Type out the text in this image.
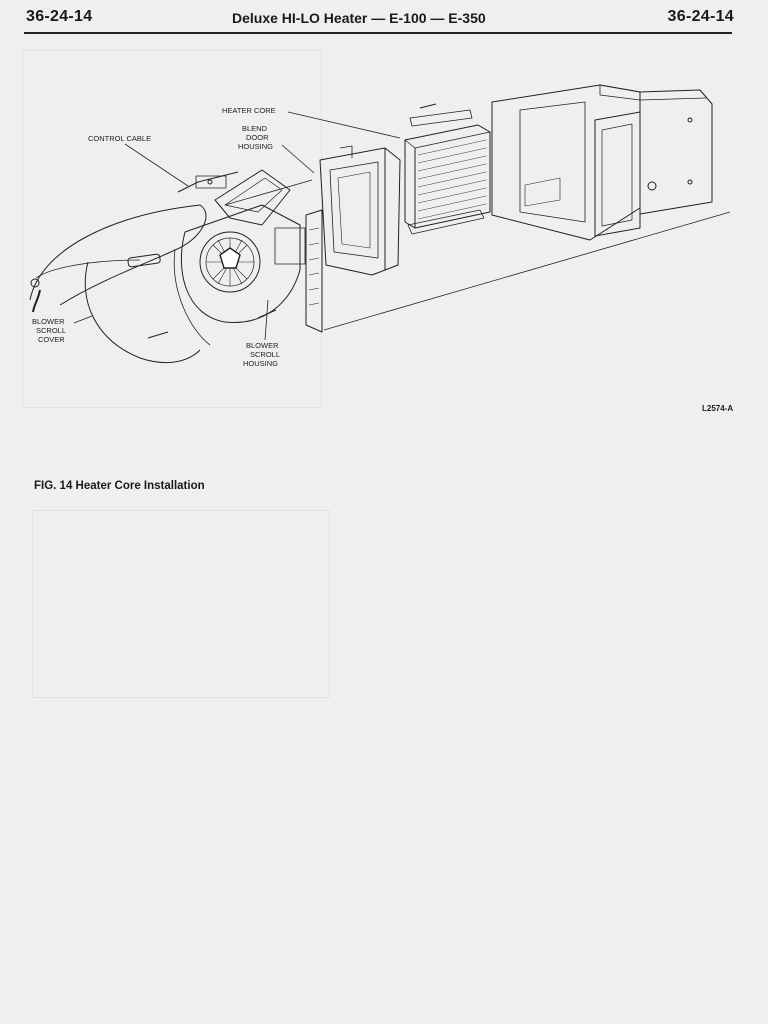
36-24-14	Deluxe HI-LO Heater — E-100 — E-350	36-24-14
CONTROL CABLE
HEATER CORE
BLEND
DOOR
HOUSING
BLOWER
SCROLL
COVER
BLOWER
SCROLL
HOUSING
L2574-A
FIG. 14 Heater Core Installation
